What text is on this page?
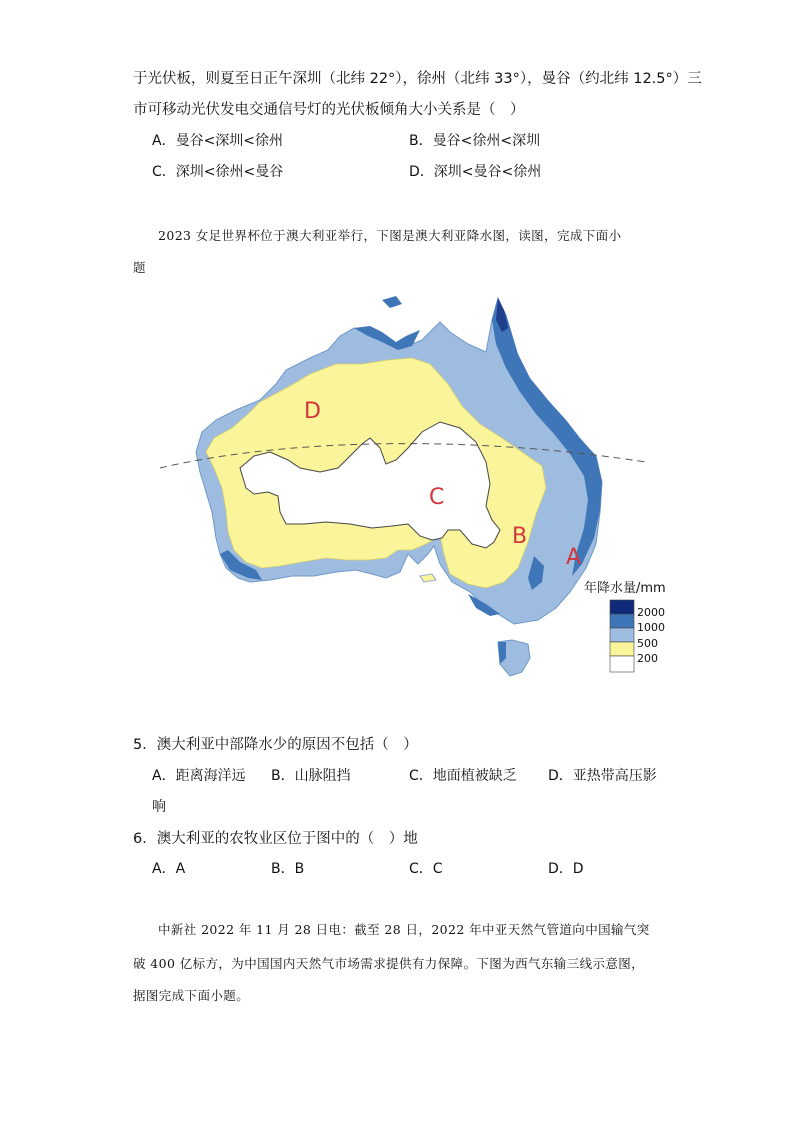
于光伏板，则夏至日正午深圳（北纬 22°），徐州（北纬 33°），曼谷（约北纬 12.5°）三
市可移动光伏发电交通信号灯的光伏板倾角大小关系是（　）
A．曼谷<深圳<徐州	B．曼谷<徐州<深圳
C．深圳<徐州<曼谷	D．深圳<曼谷<徐州
2023 女足世界杯位于澳大利亚举行，下图是澳大利亚降水图，读图，完成下面小
题
D
C
B
A
年降水量/mm
2000
1000
500
200
5．澳大利亚中部降水少的原因不包括（　）
A．距离海洋远 B．山脉阻挡	C．地面植被缺乏 D．亚热带高压影
响
6．澳大利亚的农牧业区位于图中的（　）地
A．A	B．B	C．C	D．D
中新社 2022 年 11 月 28 日电：截至 28 日，2022 年中亚天然气管道向中国输气突
破 400 亿标方，为中国国内天然气市场需求提供有力保障。下图为西气东输三线示意图，
据图完成下面小题。
